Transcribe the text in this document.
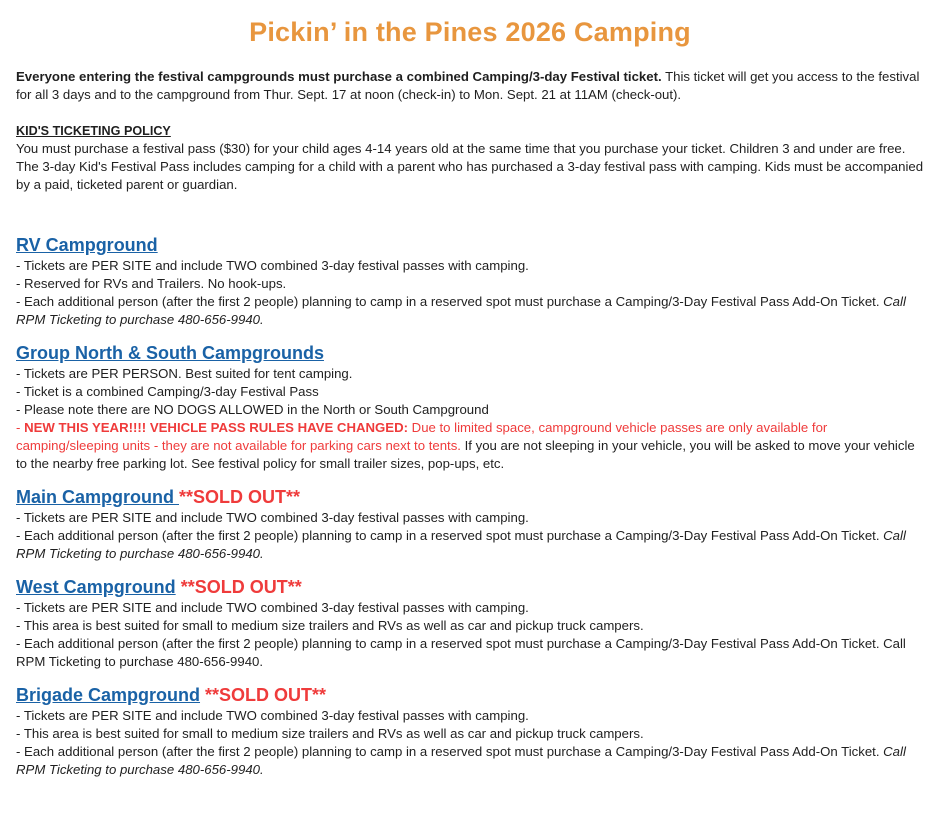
Pickin’ in the Pines 2026 Camping

Everyone entering the festival campgrounds must purchase a combined Camping/3-day Festival ticket. This ticket will get you access to the festival for all 3 days and to the campground from Thur. Sept. 17 at noon (check-in) to Mon. Sept. 21 at 11AM (check-out).

KID'S TICKETING POLICY
You must purchase a festival pass ($30) for your child ages 4-14 years old at the same time that you purchase your ticket. Children 3 and under are free. The 3-day Kid's Festival Pass includes camping for a child with a parent who has purchased a 3-day festival pass with camping. Kids must be accompanied by a paid, ticketed parent or guardian.
RV Campground
- Tickets are PER SITE and include TWO combined 3-day festival passes with camping.
- Reserved for RVs and Trailers. No hook-ups.
- Each additional person (after the first 2 people) planning to camp in a reserved spot must purchase a Camping/3-Day Festival Pass Add-On Ticket. Call RPM Ticketing to purchase 480-656-9940.
Group North & South Campgrounds
- Tickets are PER PERSON. Best suited for tent camping.
- Ticket is a combined Camping/3-day Festival Pass
- Please note there are NO DOGS ALLOWED in the North or South Campground
- NEW THIS YEAR!!!! VEHICLE PASS RULES HAVE CHANGED: Due to limited space, campground vehicle passes are only available for camping/sleeping units - they are not available for parking cars next to tents. If you are not sleeping in your vehicle, you will be asked to move your vehicle to the nearby free parking lot. See festival policy for small trailer sizes, pop-ups, etc.
Main Campground **SOLD OUT**
- Tickets are PER SITE and include TWO combined 3-day festival passes with camping.
- Each additional person (after the first 2 people) planning to camp in a reserved spot must purchase a Camping/3-Day Festival Pass Add-On Ticket. Call RPM Ticketing to purchase 480-656-9940.
West Campground **SOLD OUT**
- Tickets are PER SITE and include TWO combined 3-day festival passes with camping.
- This area is best suited for small to medium size trailers and RVs as well as car and pickup truck campers.
- Each additional person (after the first 2 people) planning to camp in a reserved spot must purchase a Camping/3-Day Festival Pass Add-On Ticket. Call RPM Ticketing to purchase 480-656-9940.
Brigade Campground **SOLD OUT**
- Tickets are PER SITE and include TWO combined 3-day festival passes with camping.
- This area is best suited for small to medium size trailers and RVs as well as car and pickup truck campers.
- Each additional person (after the first 2 people) planning to camp in a reserved spot must purchase a Camping/3-Day Festival Pass Add-On Ticket. Call RPM Ticketing to purchase 480-656-9940.
